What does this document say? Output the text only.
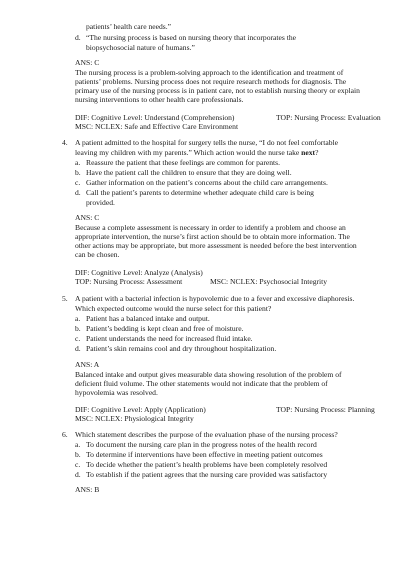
patients’ health care needs.”
d. “The nursing process is based on nursing theory that incorporates the
biopsychosocial nature of humans.”
ANS: C
The nursing process is a problem-solving approach to the identification and treatment of
patients’ problems. Nursing process does not require research methods for diagnosis. The
primary use of the nursing process is in patient care, not to establish nursing theory or explain
nursing interventions to other health care professionals.
DIF: Cognitive Level: Understand (Comprehension)	TOP: Nursing Process: Evaluation
MSC: NCLEX: Safe and Effective Care Environment
4. A patient admitted to the hospital for surgery tells the nurse, “I do not feel comfortable
leaving my children with my parents.” Which action would the nurse take next?
a. Reassure the patient that these feelings are common for parents.
b. Have the patient call the children to ensure that they are doing well.
c. Gather information on the patient’s concerns about the child care arrangements.
d. Call the patient’s parents to determine whether adequate child care is being
provided.
ANS: C
Because a complete assessment is necessary in order to identify a problem and choose an
appropriate intervention, the nurse’s first action should be to obtain more information. The
other actions may be appropriate, but more assessment is needed before the best intervention
can be chosen.
DIF: Cognitive Level: Analyze (Analysis)
TOP: Nursing Process: Assessment	MSC: NCLEX: Psychosocial Integrity
5. A patient with a bacterial infection is hypovolemic due to a fever and excessive diaphoresis.
Which expected outcome would the nurse select for this patient?
a. Patient has a balanced intake and output.
b. Patient’s bedding is kept clean and free of moisture.
c. Patient understands the need for increased fluid intake.
d. Patient’s skin remains cool and dry throughout hospitalization.
ANS: A
Balanced intake and output gives measurable data showing resolution of the problem of
deficient fluid volume. The other statements would not indicate that the problem of
hypovolemia was resolved.
DIF: Cognitive Level: Apply (Application)	TOP: Nursing Process: Planning
MSC: NCLEX: Physiological Integrity
6. Which statement describes the purpose of the evaluation phase of the nursing process?
a. To document the nursing care plan in the progress notes of the health record
b. To determine if interventions have been effective in meeting patient outcomes
c. To decide whether the patient’s health problems have been completely resolved
d. To establish if the patient agrees that the nursing care provided was satisfactory
ANS: B
